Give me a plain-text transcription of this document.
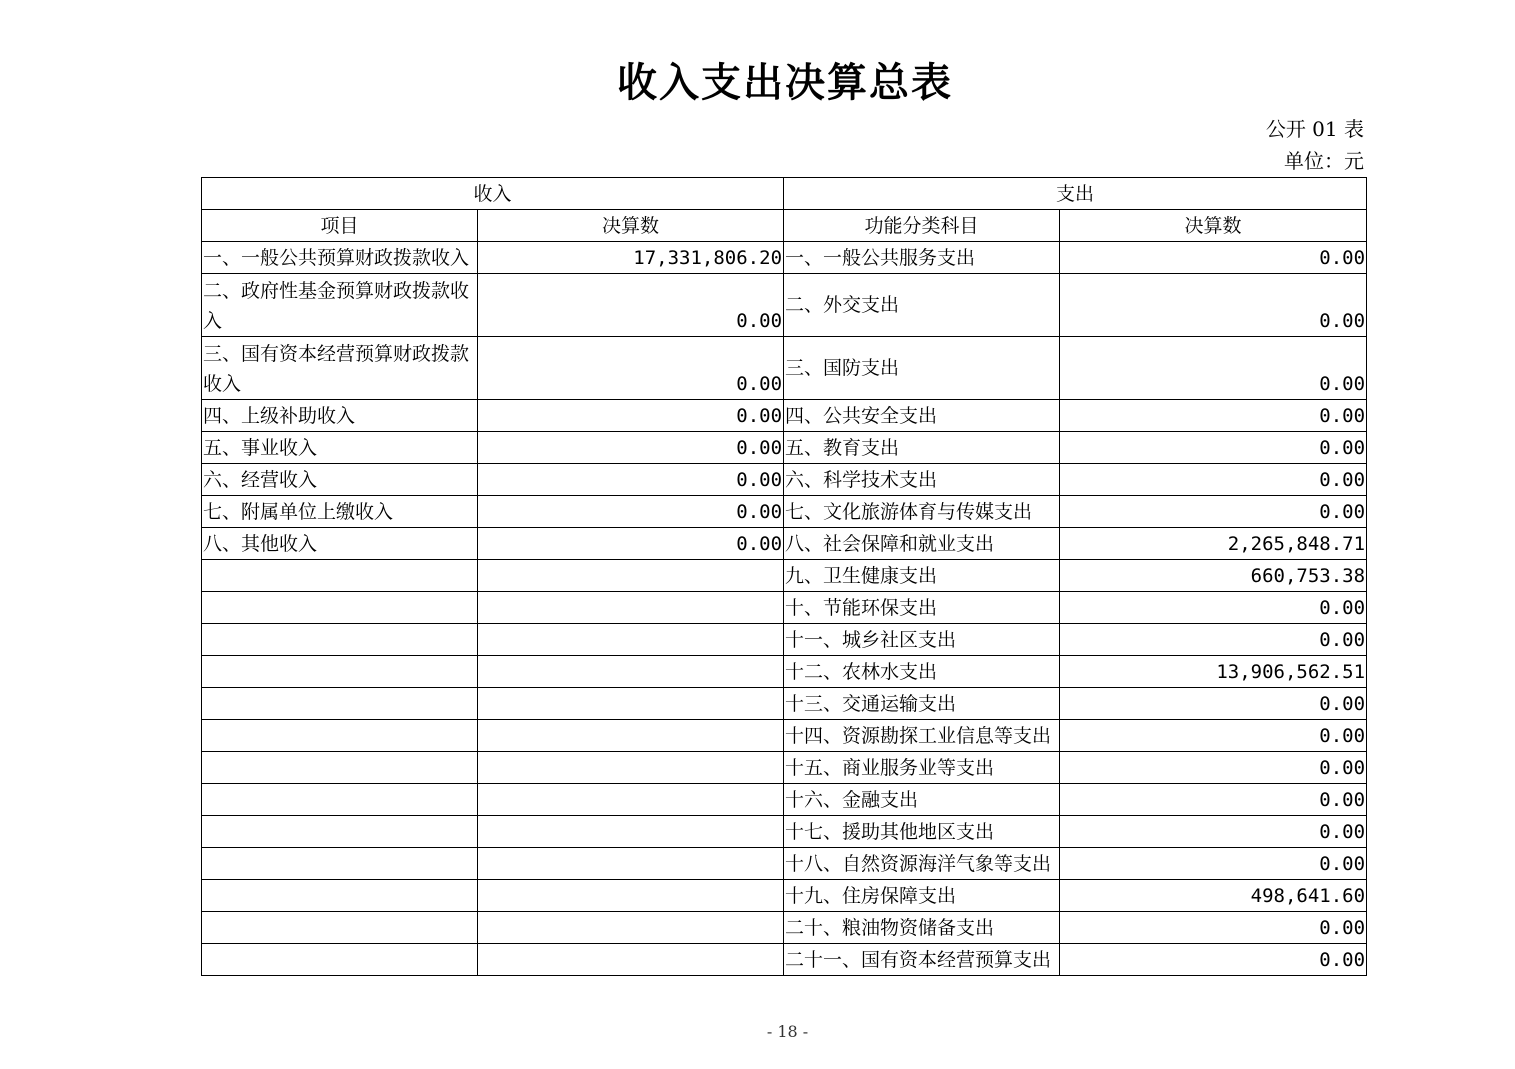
收入支出决算总表
公开 01 表
单位：元
收入		支出	
项目	决算数	功能分类科目	决算数
一、一般公共预算财政拨款收入	17,331,806.20	一、一般公共服务支出	0.00
二、政府性基金预算财政拨款收入	0.00	二、外交支出	0.00
三、国有资本经营预算财政拨款收入	0.00	三、国防支出	0.00
四、上级补助收入	0.00	四、公共安全支出	0.00
五、事业收入	0.00	五、教育支出	0.00
六、经营收入	0.00	六、科学技术支出	0.00
七、附属单位上缴收入	0.00	七、文化旅游体育与传媒支出	0.00
八、其他收入	0.00	八、社会保障和就业支出	2,265,848.71
		九、卫生健康支出	660,753.38
		十、节能环保支出	0.00
		十一、城乡社区支出	0.00
		十二、农林水支出	13,906,562.51
		十三、交通运输支出	0.00
		十四、资源勘探工业信息等支出	0.00
		十五、商业服务业等支出	0.00
		十六、金融支出	0.00
		十七、援助其他地区支出	0.00
		十八、自然资源海洋气象等支出	0.00
		十九、住房保障支出	498,641.60
		二十、粮油物资储备支出	0.00
		二十一、国有资本经营预算支出	0.00
- 18 -
